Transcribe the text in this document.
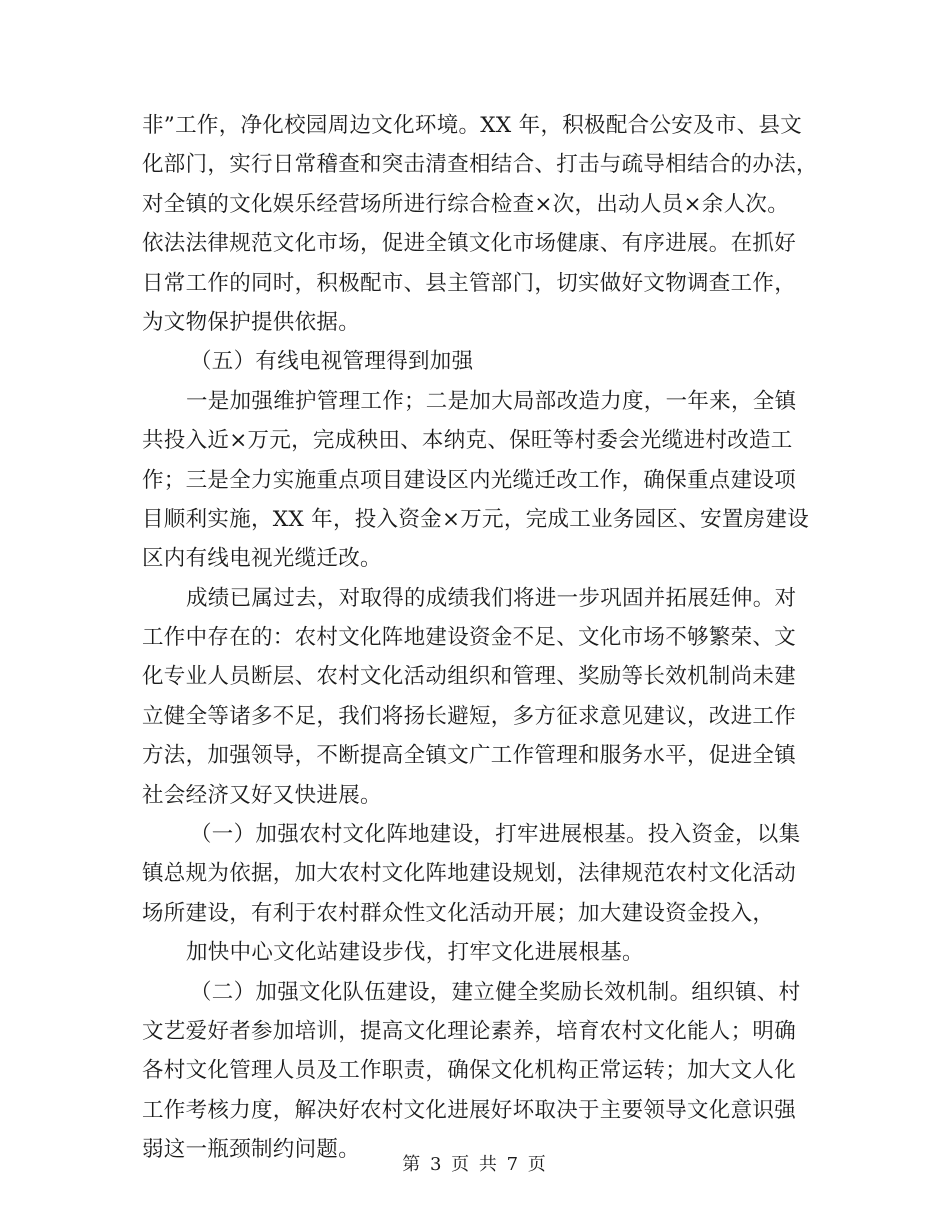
非”工作，净化校园周边文化环境。XX 年，积极配合公安及市、县文
化部门，实行日常稽查和突击清查相结合、打击与疏导相结合的办法，
对全镇的文化娱乐经营场所进行综合检查×次，出动人员×余人次。
依法法律规范文化市场，促进全镇文化市场健康、有序进展。在抓好
日常工作的同时，积极配市、县主管部门，切实做好文物调查工作，
为文物保护提供依据。
（五）有线电视管理得到加强
一是加强维护管理工作；二是加大局部改造力度，一年来，全镇
共投入近×万元，完成秧田、本纳克、保旺等村委会光缆进村改造工
作；三是全力实施重点项目建设区内光缆迁改工作，确保重点建设项
目顺利实施，XX 年，投入资金×万元，完成工业务园区、安置房建设
区内有线电视光缆迁改。
成绩已属过去，对取得的成绩我们将进一步巩固并拓展廷伸。对
工作中存在的：农村文化阵地建设资金不足、文化市场不够繁荣、文
化专业人员断层、农村文化活动组织和管理、奖励等长效机制尚未建
立健全等诸多不足，我们将扬长避短，多方征求意见建议，改进工作
方法，加强领导，不断提高全镇文广工作管理和服务水平，促进全镇
社会经济又好又快进展。
（一）加强农村文化阵地建设，打牢进展根基。投入资金，以集
镇总规为依据，加大农村文化阵地建设规划，法律规范农村文化活动
场所建设，有利于农村群众性文化活动开展；加大建设资金投入，
加快中心文化站建设步伐，打牢文化进展根基。
（二）加强文化队伍建设，建立健全奖励长效机制。组织镇、村
文艺爱好者参加培训，提高文化理论素养，培育农村文化能人；明确
各村文化管理人员及工作职责，确保文化机构正常运转；加大文人化
工作考核力度，解决好农村文化进展好坏取决于主要领导文化意识强
弱这一瓶颈制约问题。
第 3 页 共 7 页
